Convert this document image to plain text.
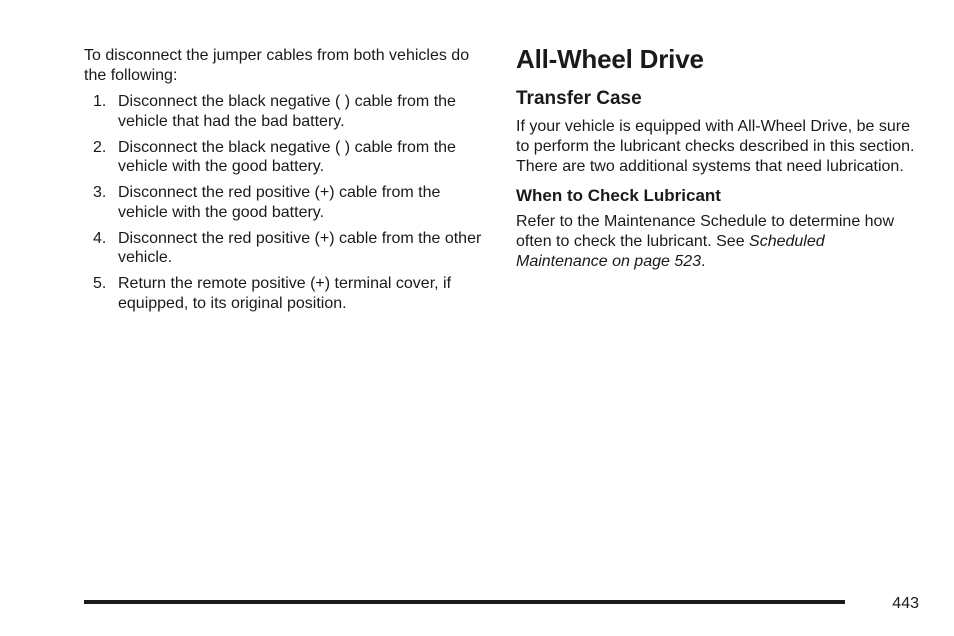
To disconnect the jumper cables from both vehicles do the following:

1. Disconnect the black negative ( ) cable from the vehicle that had the bad battery.
2. Disconnect the black negative ( ) cable from the vehicle with the good battery.
3. Disconnect the red positive (+) cable from the vehicle with the good battery.
4. Disconnect the red positive (+) cable from the other vehicle.
5. Return the remote positive (+) terminal cover, if equipped, to its original position.
All-Wheel Drive
Transfer Case

If your vehicle is equipped with All-Wheel Drive, be sure to perform the lubricant checks described in this section. There are two additional systems that need lubrication.

When to Check Lubricant

Refer to the Maintenance Schedule to determine how often to check the lubricant. See Scheduled Maintenance on page 523.

443
